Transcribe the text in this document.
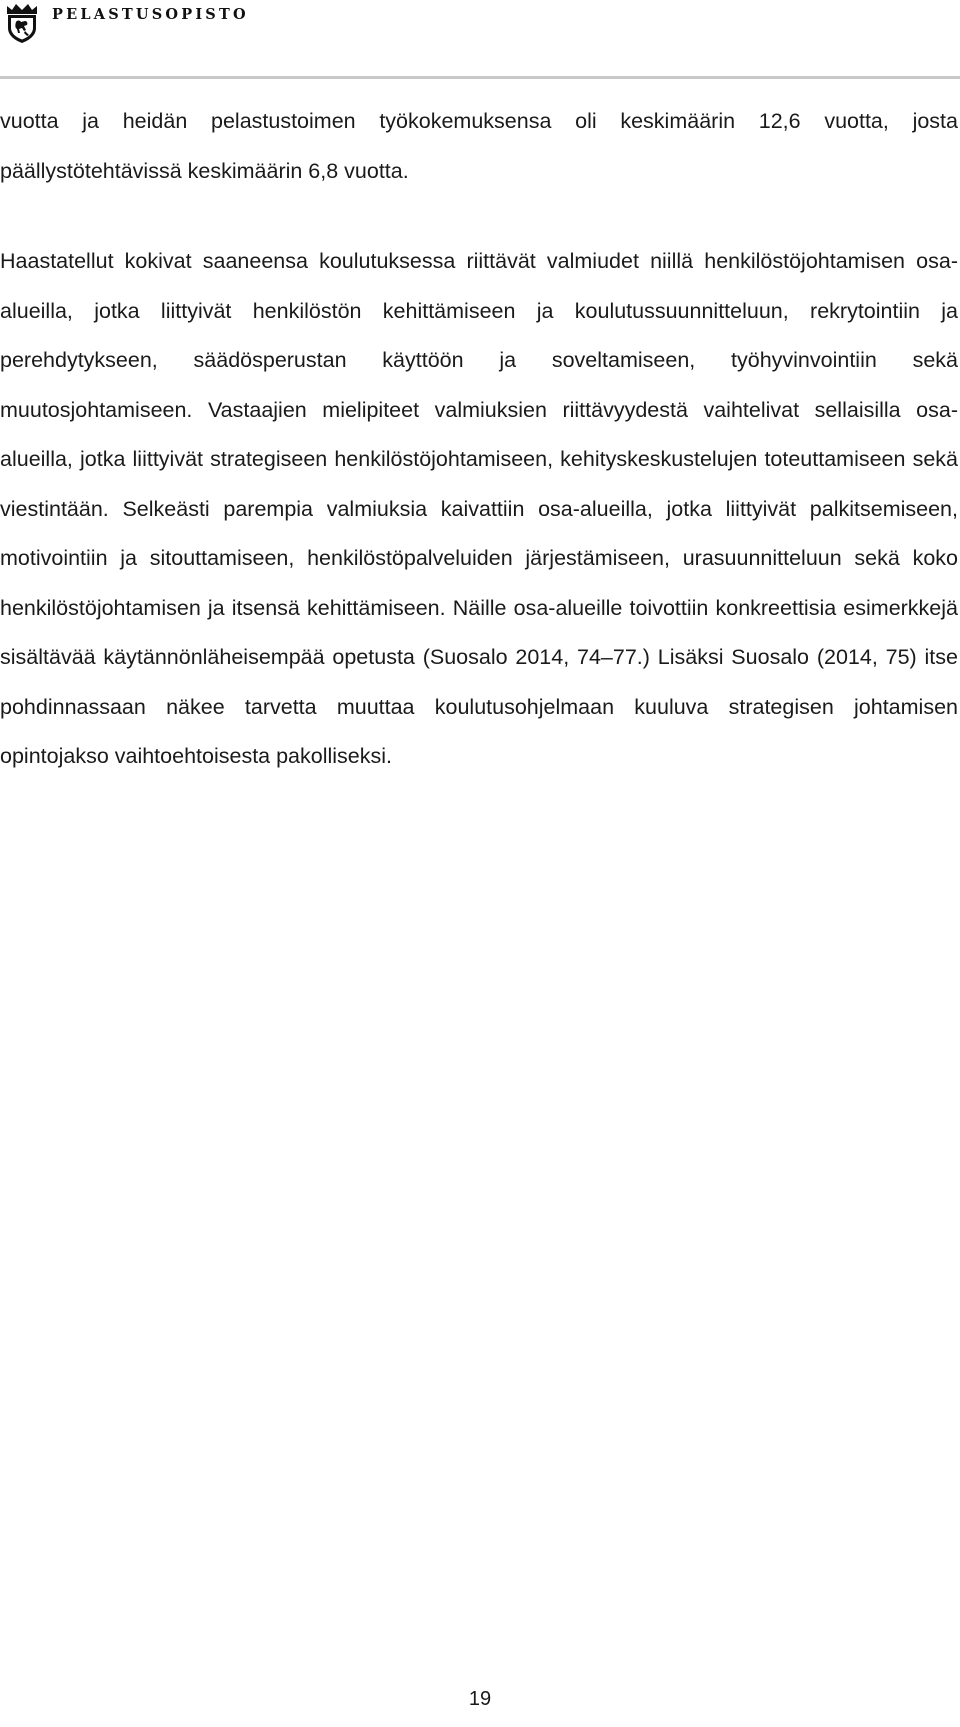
PELASTUSOPISTO

vuotta ja heidän pelastustoimen työkokemuksensa oli keskimäärin 12,6 vuotta, josta päällystötehtävissä keskimäärin 6,8 vuotta.

Haastatellut kokivat saaneensa koulutuksessa riittävät valmiudet niillä henkilöstöjohtamisen osa-alueilla, jotka liittyivät henkilöstön kehittämiseen ja koulutussuunnitteluun, rekrytointiin ja perehdytykseen, säädösperustan käyttöön ja soveltamiseen, työhyvinvointiin sekä muutosjohtamiseen. Vastaajien mielipiteet valmiuksien riittävyydestä vaihtelivat sellaisilla osa- alueilla, jotka liittyivät strategiseen henkilöstöjohtamiseen, kehityskeskustelujen toteuttamiseen sekä viestintään. Selkeästi parempia valmiuksia kaivattiin osa-alueilla, jotka liittyivät palkitsemiseen, motivointiin ja sitouttamiseen, henkilöstöpalveluiden järjestämiseen, urasuunnitteluun sekä koko henkilöstöjohtamisen ja itsensä kehittämiseen. Näille osa-alueille toivottiin konkreettisia esimerkkejä sisältävää käytännönläheisempää opetusta (Suosalo 2014, 74–77.) Lisäksi Suosalo (2014, 75) itse pohdinnassaan näkee tarvetta muuttaa koulutusohjelmaan kuuluva strategisen johtamisen opintojakso vaihtoehtoisesta pakolliseksi.

19
